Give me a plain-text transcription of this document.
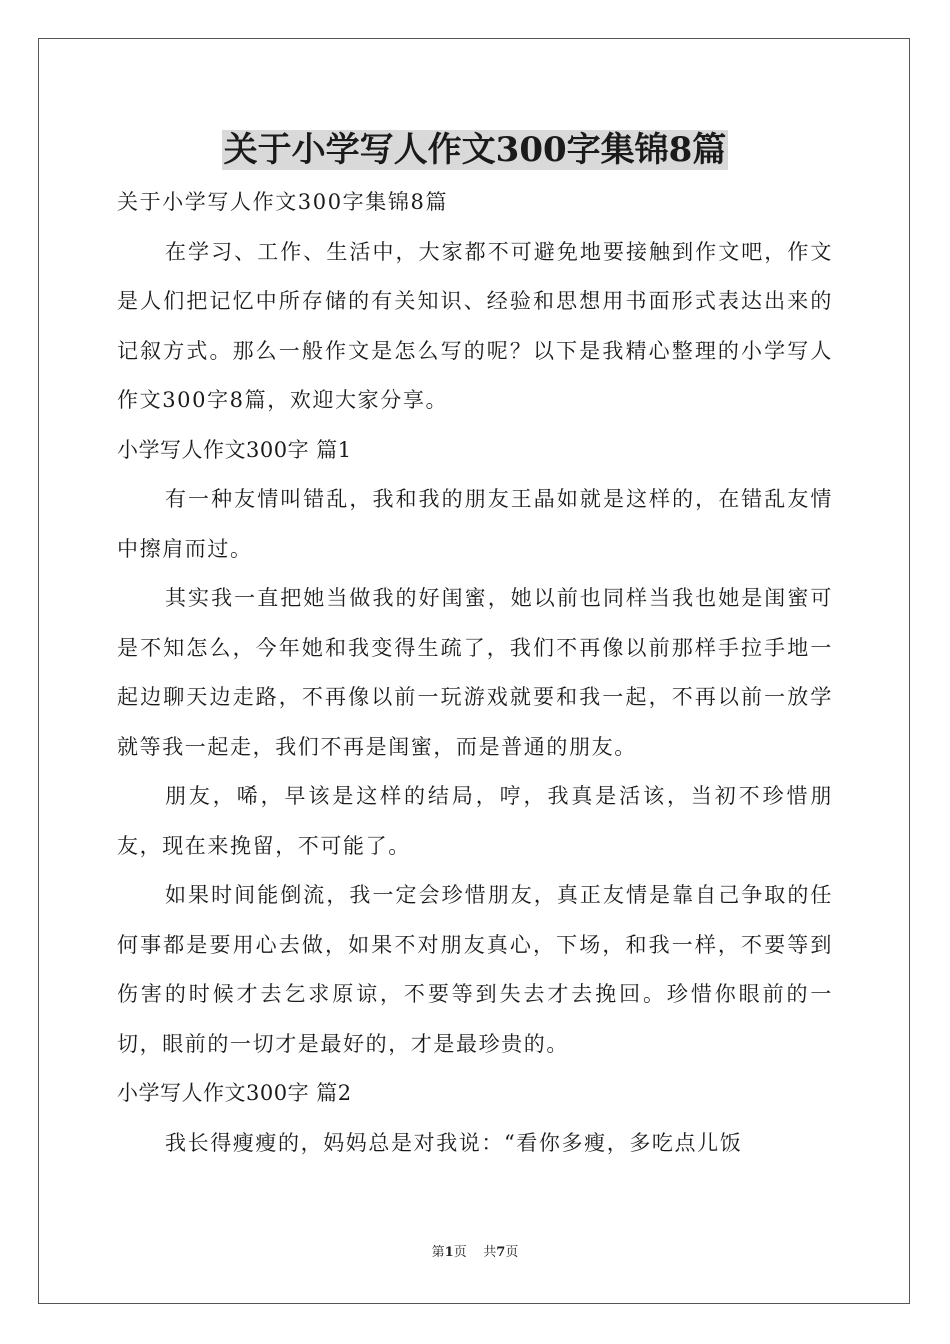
关于小学写人作文300字集锦8篇

关于小学写人作文300字集锦8篇

在学习、工作、生活中，大家都不可避免地要接触到作文吧，作文是人们把记忆中所存储的有关知识、经验和思想用书面形式表达出来的记叙方式。那么一般作文是怎么写的呢？以下是我精心整理的小学写人作文300字8篇，欢迎大家分享。

小学写人作文300字 篇1

有一种友情叫错乱，我和我的朋友王晶如就是这样的，在错乱友情中擦肩而过。

其实我一直把她当做我的好闺蜜，她以前也同样当我也她是闺蜜可是不知怎么，今年她和我变得生疏了，我们不再像以前那样手拉手地一起边聊天边走路，不再像以前一玩游戏就要和我一起，不再以前一放学就等我一起走，我们不再是闺蜜，而是普通的朋友。

朋友，唏，早该是这样的结局，哼，我真是活该，当初不珍惜朋友，现在来挽留，不可能了。

如果时间能倒流，我一定会珍惜朋友，真正友情是靠自己争取的任何事都是要用心去做，如果不对朋友真心，下场，和我一样，不要等到伤害的时候才去乞求原谅，不要等到失去才去挽回。珍惜你眼前的一切，眼前的一切才是最好的，才是最珍贵的。

小学写人作文300字 篇2

我长得瘦瘦的，妈妈总是对我说：“看你多瘦，多吃点儿饭

第1页 共7页
